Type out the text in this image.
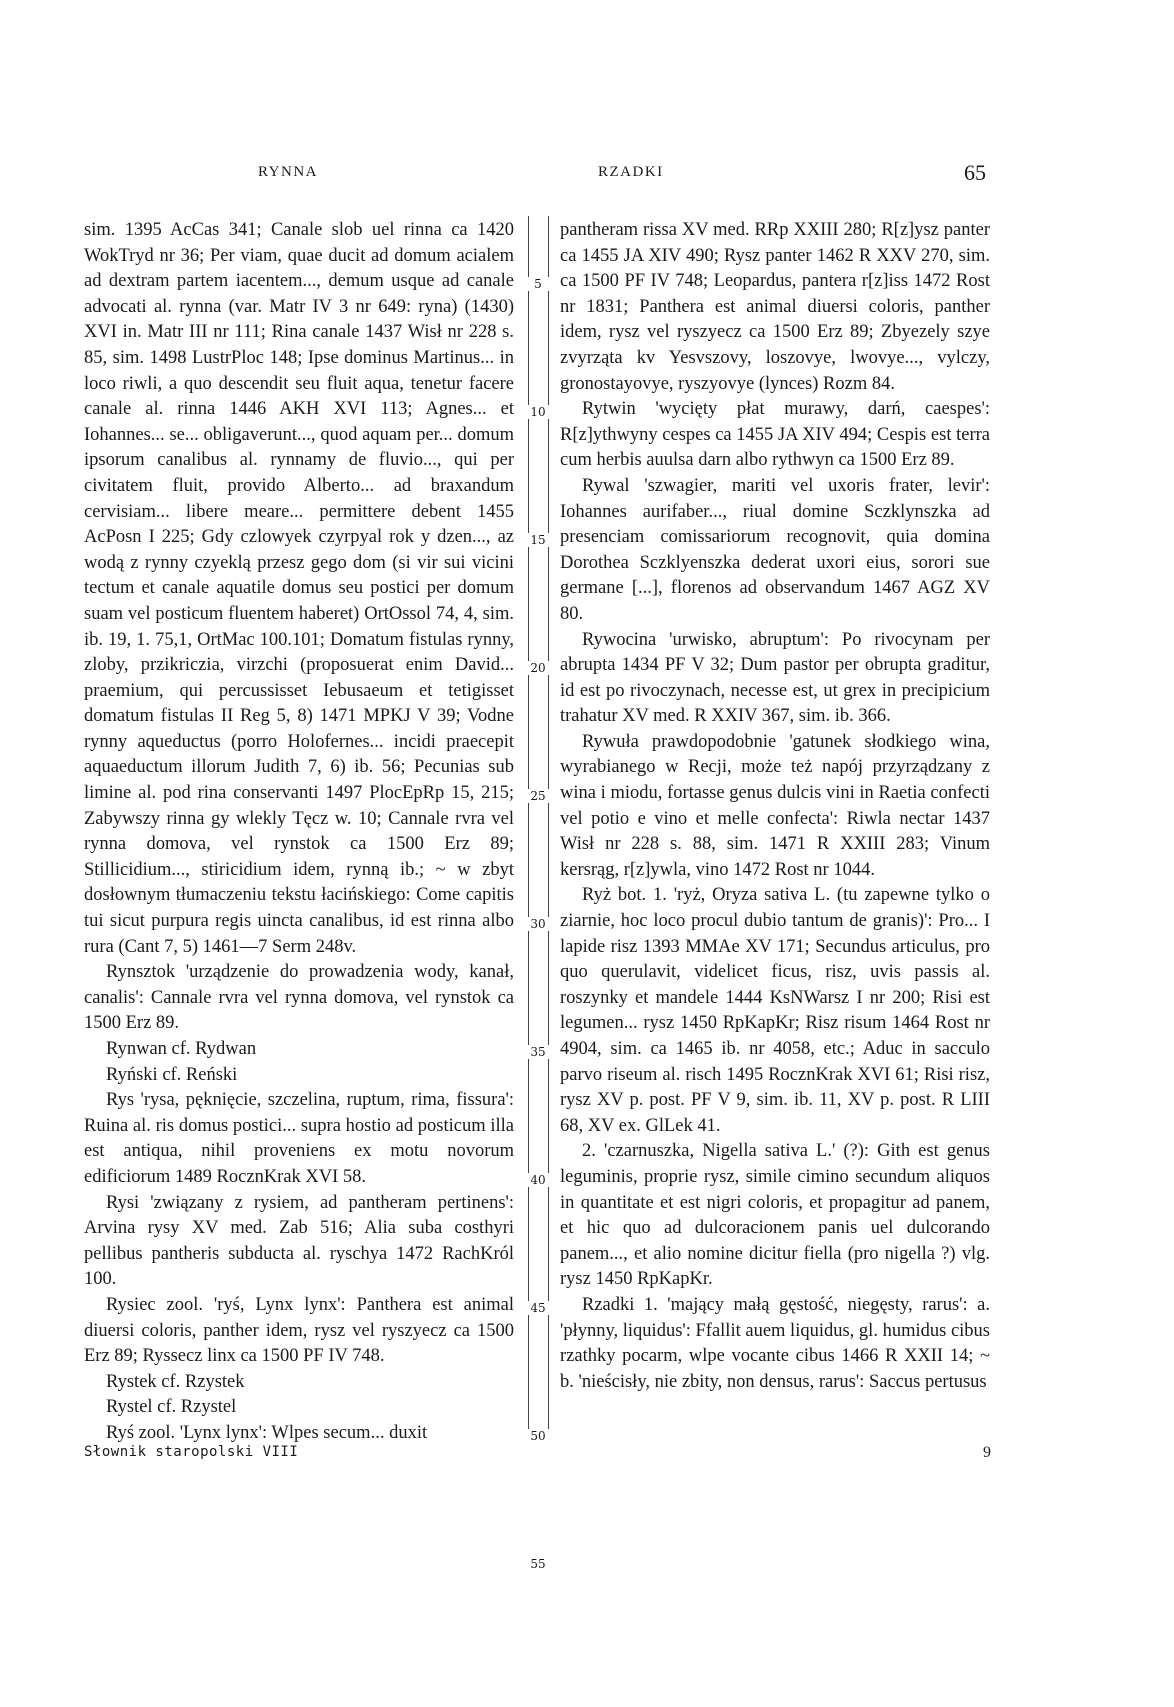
RYNNA	RZADKI	65
5
10
15
20
25
30
35
40
45
50
55

sim. 1395 AcCas 341; Canale slob uel rinna ca 1420 WokTryd nr 36; Per viam, quae ducit ad domum acialem ad dextram partem iacentem..., demum usque ad canale advocati al. rynna (var. Matr IV 3 nr 649: ryna) (1430) XVI in. Matr III nr 111; Rina canale 1437 Wisł nr 228 s. 85, sim. 1498 LustrPloc 148; Ipse dominus Martinus... in loco riwli, a quo descendit seu fluit aqua, tenetur facere canale al. rinna 1446 AKH XVI 113; Agnes... et Iohannes... se... obligaverunt..., quod aquam per... domum ipsorum canalibus al. rynnamy de fluvio..., qui per civitatem fluit, provido Alberto... ad braxandum cervisiam... libere meare... permittere debent 1455 AcPosn I 225; Gdy czlowyek czyrpyal rok y dzen..., az wodą z rynny czyeklą przesz gego dom (si vir sui vicini tectum et canale aquatile domus seu postici per domum suam vel posticum fluentem haberet) OrtOssol 74, 4, sim. ib. 19, 1. 75,1, OrtMac 100.101; Domatum fistulas rynny, zloby, przikriczia, virzchi (proposuerat enim David... praemium, qui percussisset Iebusaeum et tetigisset domatum fistulas II Reg 5, 8) 1471 MPKJ V 39; Vodne rynny aqueductus (porro Holofernes... incidi praecepit aquaeductum illorum Judith 7, 6) ib. 56; Pecunias sub limine al. pod rina conservanti 1497 PlocEpRp 15, 215; Zabywszy rinna gy wlekly Tęcz w. 10; Cannale rvra vel rynna domova, vel rynstok ca 1500 Erz 89; Stillicidium..., stiricidium idem, rynną ib.; ~ w zbyt dosłownym tłumaczeniu tekstu łacińskiego: Come capitis tui sicut purpura regis uincta canalibus, id est rinna albo rura (Cant 7, 5) 1461—7 Serm 248v.

Rynsztok 'urządzenie do prowadzenia wody, kanał, canalis': Cannale rvra vel rynna domova, vel rynstok ca 1500 Erz 89.

Rynwan cf. Rydwan

Ryński cf. Reński

Rys 'rysa, pęknięcie, szczelina, ruptum, rima, fissura': Ruina al. ris domus postici... supra hostio ad posticum illa est antiqua, nihil proveniens ex motu novorum edificiorum 1489 RocznKrak XVI 58.

Rysi 'związany z rysiem, ad pantheram pertinens': Arvina rysy XV med. Zab 516; Alia suba costhyri pellibus pantheris subducta al. ryschya 1472 RachKról 100.

Rysiec zool. 'ryś, Lynx lynx': Panthera est animal diuersi coloris, panther idem, rysz vel ryszyecz ca 1500 Erz 89; Ryssecz linx ca 1500 PF IV 748.

Rystek cf. Rzystek

Rystel cf. Rzystel

Ryś zool. 'Lynx lynx': Wlpes secum... duxit

pantheram rissa XV med. RRp XXIII 280; R[z]ysz panter ca 1455 JA XIV 490; Rysz panter 1462 R XXV 270, sim. ca 1500 PF IV 748; Leopardus, pantera r[z]iss 1472 Rost nr 1831; Panthera est animal diuersi coloris, panther idem, rysz vel ryszyecz ca 1500 Erz 89; Zbyezely szye zvyrząta kv Yesvszovy, loszovye, lwovye..., vylczy, gronostayovye, ryszyovye (lynces) Rozm 84.

Rytwin 'wycięty płat murawy, darń, caespes': R[z]ythwyny cespes ca 1455 JA XIV 494; Cespis est terra cum herbis auulsa darn albo rythwyn ca 1500 Erz 89.

Rywal 'szwagier, mariti vel uxoris frater, levir': Iohannes aurifaber..., riual domine Sczklynszka ad presenciam comissariorum recognovit, quia domina Dorothea Sczklyenszka dederat uxori eius, sorori sue germane [...], florenos ad observandum 1467 AGZ XV 80.

Rywocina 'urwisko, abruptum': Po rivocynam per abrupta 1434 PF V 32; Dum pastor per obrupta graditur, id est po rivoczynach, necesse est, ut grex in precipicium trahatur XV med. R XXIV 367, sim. ib. 366.

Rywuła prawdopodobnie 'gatunek słodkiego wina, wyrabianego w Recji, może też napój przyrządzany z wina i miodu, fortasse genus dulcis vini in Raetia confecti vel potio e vino et melle confecta': Riwla nectar 1437 Wisł nr 228 s. 88, sim. 1471 R XXIII 283; Vinum kersrąg, r[z]ywla, vino 1472 Rost nr 1044.

Ryż bot. 1. 'ryż, Oryza sativa L. (tu zapewne tylko o ziarnie, hoc loco procul dubio tantum de granis)': Pro... I lapide risz 1393 MMAe XV 171; Secundus articulus, pro quo querulavit, videlicet ficus, risz, uvis passis al. roszynky et mandele 1444 KsNWarsz I nr 200; Risi est legumen... rysz 1450 RpKapKr; Risz risum 1464 Rost nr 4904, sim. ca 1465 ib. nr 4058, etc.; Aduc in sacculo parvo riseum al. risch 1495 RocznKrak XVI 61; Risi risz, rysz XV p. post. PF V 9, sim. ib. 11, XV p. post. R LIII 68, XV ex. GlLek 41.

2. 'czarnuszka, Nigella sativa L.' (?): Gith est genus leguminis, proprie rysz, simile cimino secundum aliquos in quantitate et est nigri coloris, et propagitur ad panem, et hic quo ad dulcoracionem panis uel dulcorando panem..., et alio nomine dicitur fiella (pro nigella ?) vlg. rysz 1450 RpKapKr.

Rzadki 1. 'mający małą gęstość, niegęsty, rarus': a. 'płynny, liquidus': Ffallit auem liquidus, gl. humidus cibus rzathky pocarm, wlpe vocante cibus 1466 R XXII 14; ~ b. 'nieścisły, nie zbity, non densus, rarus': Saccus pertusus

Słownik staropolski VIII	9
